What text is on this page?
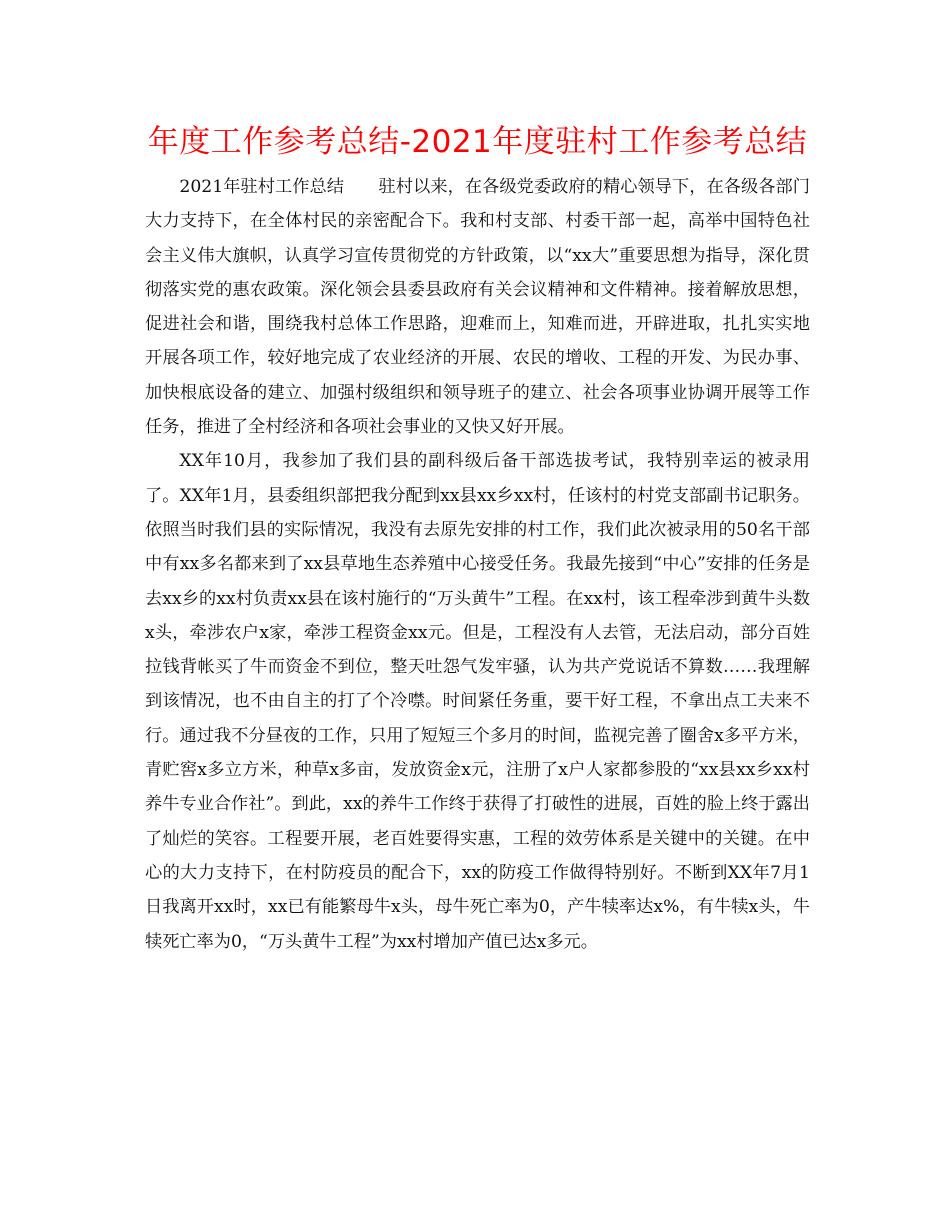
年度工作参考总结-2021年度驻村工作参考总结

2021年驻村工作总结　　驻村以来，在各级党委政府的精心领导下，在各级各部门大力支持下，在全体村民的亲密配合下。我和村支部、村委干部一起，高举中国特色社会主义伟大旗帜，认真学习宣传贯彻党的方针政策，以“xx大”重要思想为指导，深化贯彻落实党的惠农政策。深化领会县委县政府有关会议精神和文件精神。接着解放思想，促进社会和谐，围绕我村总体工作思路，迎难而上，知难而进，开辟进取，扎扎实实地开展各项工作，较好地完成了农业经济的开展、农民的增收、工程的开发、为民办事、加快根底设备的建立、加强村级组织和领导班子的建立、社会各项事业协调开展等工作任务，推进了全村经济和各项社会事业的又快又好开展。

XX年10月，我参加了我们县的副科级后备干部选拔考试，我特别幸运的被录用了。XX年1月，县委组织部把我分配到xx县xx乡xx村，任该村的村党支部副书记职务。依照当时我们县的实际情况，我没有去原先安排的村工作，我们此次被录用的50名干部中有xx多名都来到了xx县草地生态养殖中心接受任务。我最先接到“中心”安排的任务是去xx乡的xx村负责xx县在该村施行的“万头黄牛”工程。在xx村，该工程牵涉到黄牛头数x头，牵涉农户x家，牵涉工程资金xx元。但是，工程没有人去管，无法启动，部分百姓拉钱背帐买了牛而资金不到位，整天吐怨气发牢骚，认为共产党说话不算数……我理解到该情况，也不由自主的打了个冷噤。时间紧任务重，要干好工程，不拿出点工夫来不行。通过我不分昼夜的工作，只用了短短三个多月的时间，监视完善了圈舍x多平方米，青贮窖x多立方米，种草x多亩，发放资金x元，注册了x户人家都参股的“xx县xx乡xx村养牛专业合作社”。到此，xx的养牛工作终于获得了打破性的进展，百姓的脸上终于露出了灿烂的笑容。工程要开展，老百姓要得实惠，工程的效劳体系是关键中的关键。在中心的大力支持下，在村防疫员的配合下，xx的防疫工作做得特别好。不断到XX年7月1日我离开xx时，xx已有能繁母牛x头，母牛死亡率为0，产牛犊率达x%，有牛犊x头，牛犊死亡率为0，“万头黄牛工程”为xx村增加产值已达x多元。
